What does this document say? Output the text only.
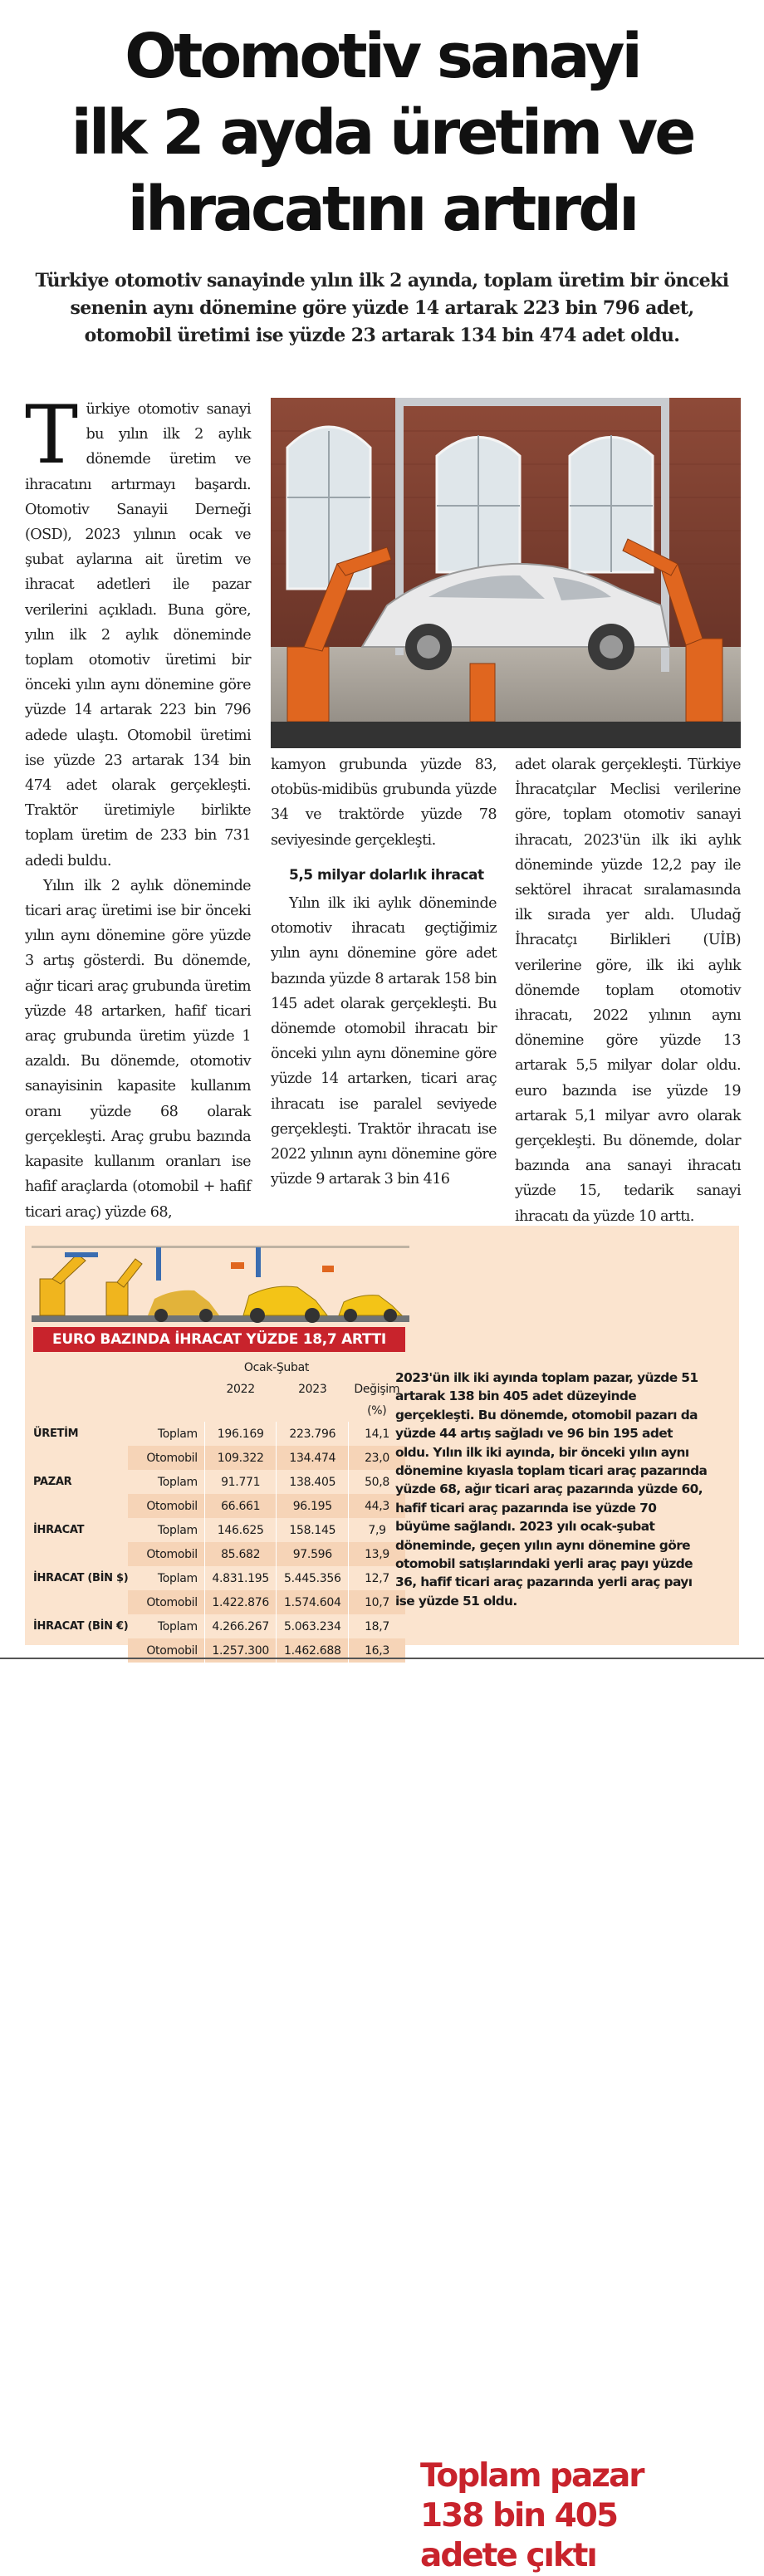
Otomotiv sanayi
ilk 2 ayda üretim ve
ihracatını artırdı
Türkiye otomotiv sanayinde yılın ilk 2 ayında, toplam üretim bir önceki senenin aynı dönemine göre yüzde 14 artarak 223 bin 796 adet, otomobil üretimi ise yüzde 23 artarak 134 bin 474 adet oldu.

Türkiye otomotiv sanayi bu yılın ilk 2 aylık dönemde üretim ve ihracatını artırmayı başardı. Otomotiv Sanayii Derneği (OSD), 2023 yılının ocak ve şubat aylarına ait üretim ve ihracat adetleri ile pazar verilerini açıkladı. Buna göre, yılın ilk 2 aylık döneminde toplam otomotiv üretimi bir önceki yılın aynı dönemine göre yüzde 14 artarak 223 bin 796 adede ulaştı. Otomobil üretimi ise yüzde 23 artarak 134 bin 474 adet olarak gerçekleşti. Traktör üretimiyle birlikte toplam üretim de 233 bin 731 adedi buldu.

Yılın ilk 2 aylık döneminde ticari araç üretimi ise bir önceki yılın aynı dönemine göre yüzde 3 artış gösterdi. Bu dönemde, ağır ticari araç grubunda üretim yüzde 48 artarken, hafif ticari araç grubunda üretim yüzde 1 azaldı. Bu dönemde, otomotiv sanayisinin kapasite kullanım oranı yüzde 68 olarak gerçekleşti. Araç grubu bazında kapasite kullanım oranları ise hafif araçlarda (otomobil + hafif ticari araç) yüzde 68,

kamyon grubunda yüzde 83, otobüs-midibüs grubunda yüzde 34 ve traktörde yüzde 78 seviyesinde gerçekleşti.

5,5 milyar dolarlık ihracat

Yılın ilk iki aylık döneminde otomotiv ihracatı geçtiğimiz yılın aynı dönemine göre adet bazında yüzde 8 artarak 158 bin 145 adet olarak gerçekleşti. Bu dönemde otomobil ihracatı bir önceki yılın aynı dönemine göre yüzde 14 artarken, ticari araç ihracatı ise paralel seviyede gerçekleşti. Traktör ihracatı ise 2022 yılının aynı dönemine göre yüzde 9 artarak 3 bin 416

adet olarak gerçekleşti. Türkiye İhracatçılar Meclisi verilerine göre, toplam otomotiv sanayi ihracatı, 2023'ün ilk iki aylık döneminde yüzde 12,2 pay ile sektörel ihracat sıralamasında ilk sırada yer aldı. Uludağ İhracatçı Birlikleri (UİB) verilerine göre, ilk iki aylık dönemde toplam otomotiv ihracatı, 2022 yılının aynı dönemine göre yüzde 13 artarak 5,5 milyar dolar oldu. euro bazında ise yüzde 19 artarak 5,1 milyar avro olarak gerçekleşti. Bu dönemde, dolar bazında ana sanayi ihracatı yüzde 15, tedarik sanayi ihracatı da yüzde 10 arttı.

EURO BAZINDA İHRACAT YÜZDE 18,7 ARTTI
		Ocak-Şubat		
		2022	2023	Değişim
				(%)
ÜRETİM	Toplam	196.169	223.796	14,1
	Otomobil	109.322	134.474	23,0
PAZAR	Toplam	91.771	138.405	50,8
	Otomobil	66.661	96.195	44,3
İHRACAT	Toplam	146.625	158.145	7,9
	Otomobil	85.682	97.596	13,9
İHRACAT (BİN $)	Toplam	4.831.195	5.445.356	12,7
	Otomobil	1.422.876	1.574.604	10,7
İHRACAT (BİN €)	Toplam	4.266.267	5.063.234	18,7
	Otomobil	1.257.300	1.462.688	16,3
Toplam pazar
138 bin 405
adete çıktı
2023'ün ilk iki ayında toplam pazar, yüzde 51 artarak 138 bin 405 adet düzeyinde gerçekleşti. Bu dönemde, otomobil pazarı da yüzde 44 artış sağladı ve 96 bin 195 adet oldu. Yılın ilk iki ayında, bir önceki yılın aynı dönemine kıyasla toplam ticari araç pazarında yüzde 68, ağır ticari araç pazarında yüzde 60, hafif ticari araç pazarında ise yüzde 70 büyüme sağlandı. 2023 yılı ocak-şubat döneminde, geçen yılın aynı dönemine göre otomobil satışlarındaki yerli araç payı yüzde 36, hafif ticari araç pazarında yerli araç payı ise yüzde 51 oldu.
